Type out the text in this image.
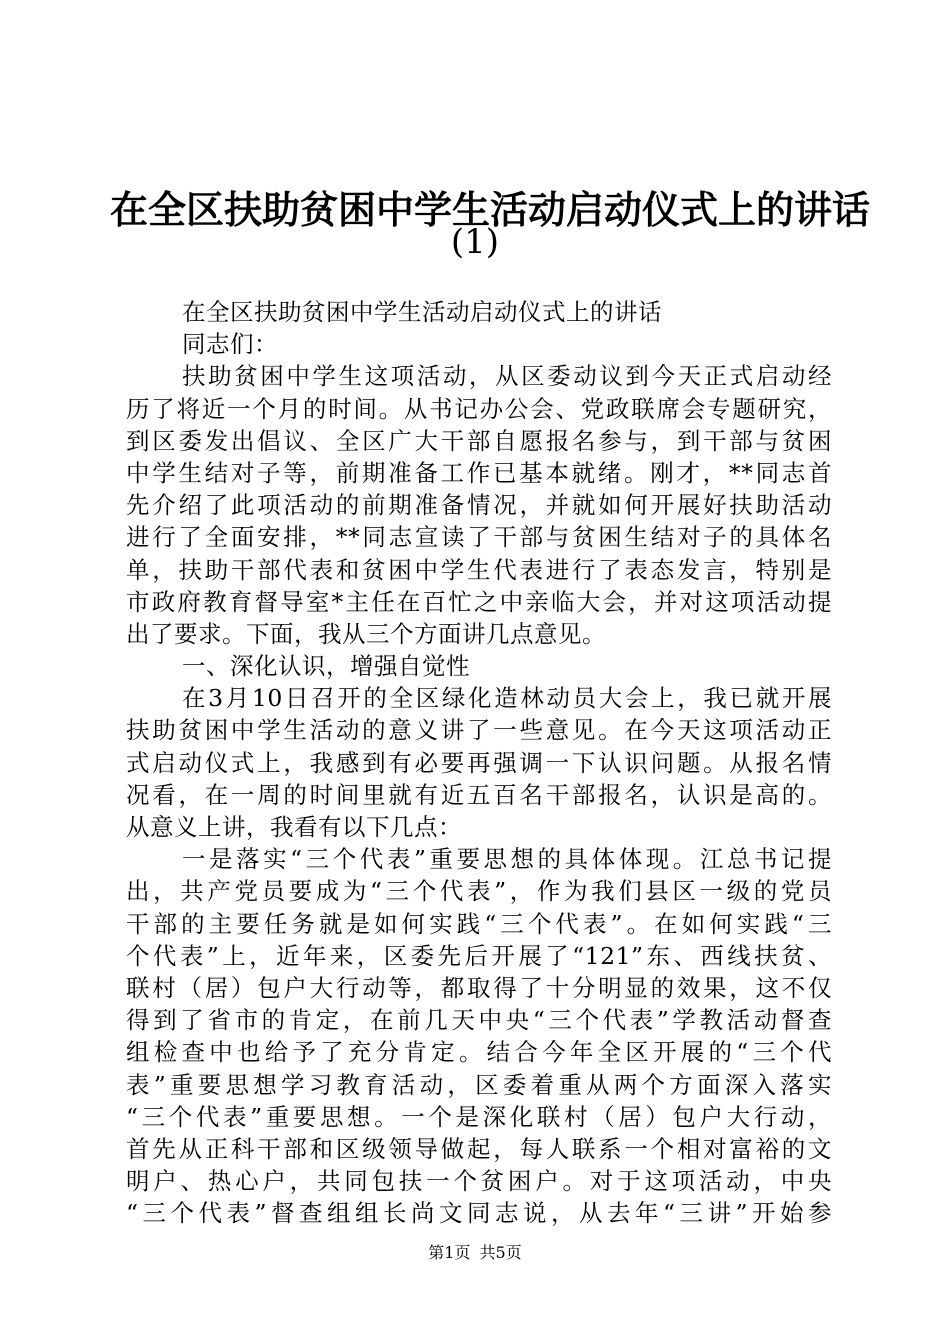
在全区扶助贫困中学生活动启动仪式上的讲话
(1)
在全区扶助贫困中学生活动启动仪式上的讲话
同志们：
扶助贫困中学生这项活动，从区委动议到今天正式启动经
历了将近一个月的时间。从书记办公会、党政联席会专题研究，
到区委发出倡议、全区广大干部自愿报名参与，到干部与贫困
中学生结对子等，前期准备工作已基本就绪。刚才，**同志首
先介绍了此项活动的前期准备情况，并就如何开展好扶助活动
进行了全面安排，**同志宣读了干部与贫困生结对子的具体名
单，扶助干部代表和贫困中学生代表进行了表态发言，特别是
市政府教育督导室*主任在百忙之中亲临大会，并对这项活动提
出了要求。下面，我从三个方面讲几点意见。
一、深化认识，增强自觉性
在3月10日召开的全区绿化造林动员大会上，我已就开展
扶助贫困中学生活动的意义讲了一些意见。在今天这项活动正
式启动仪式上，我感到有必要再强调一下认识问题。从报名情
况看，在一周的时间里就有近五百名干部报名，认识是高的。
从意义上讲，我看有以下几点：
一是落实“三个代表”重要思想的具体体现。江总书记提
出，共产党员要成为“三个代表”，作为我们县区一级的党员
干部的主要任务就是如何实践“三个代表”。在如何实践“三
个代表”上，近年来，区委先后开展了“121”东、西线扶贫、
联村（居）包户大行动等，都取得了十分明显的效果，这不仅
得到了省市的肯定，在前几天中央“三个代表”学教活动督查
组检查中也给予了充分肯定。结合今年全区开展的“三个代
表”重要思想学习教育活动，区委着重从两个方面深入落实
“三个代表”重要思想。一个是深化联村（居）包户大行动，
首先从正科干部和区级领导做起，每人联系一个相对富裕的文
明户、热心户，共同包扶一个贫困户。对于这项活动，中央
“三个代表”督查组组长尚文同志说，从去年“三讲”开始参
第1页 共5页
